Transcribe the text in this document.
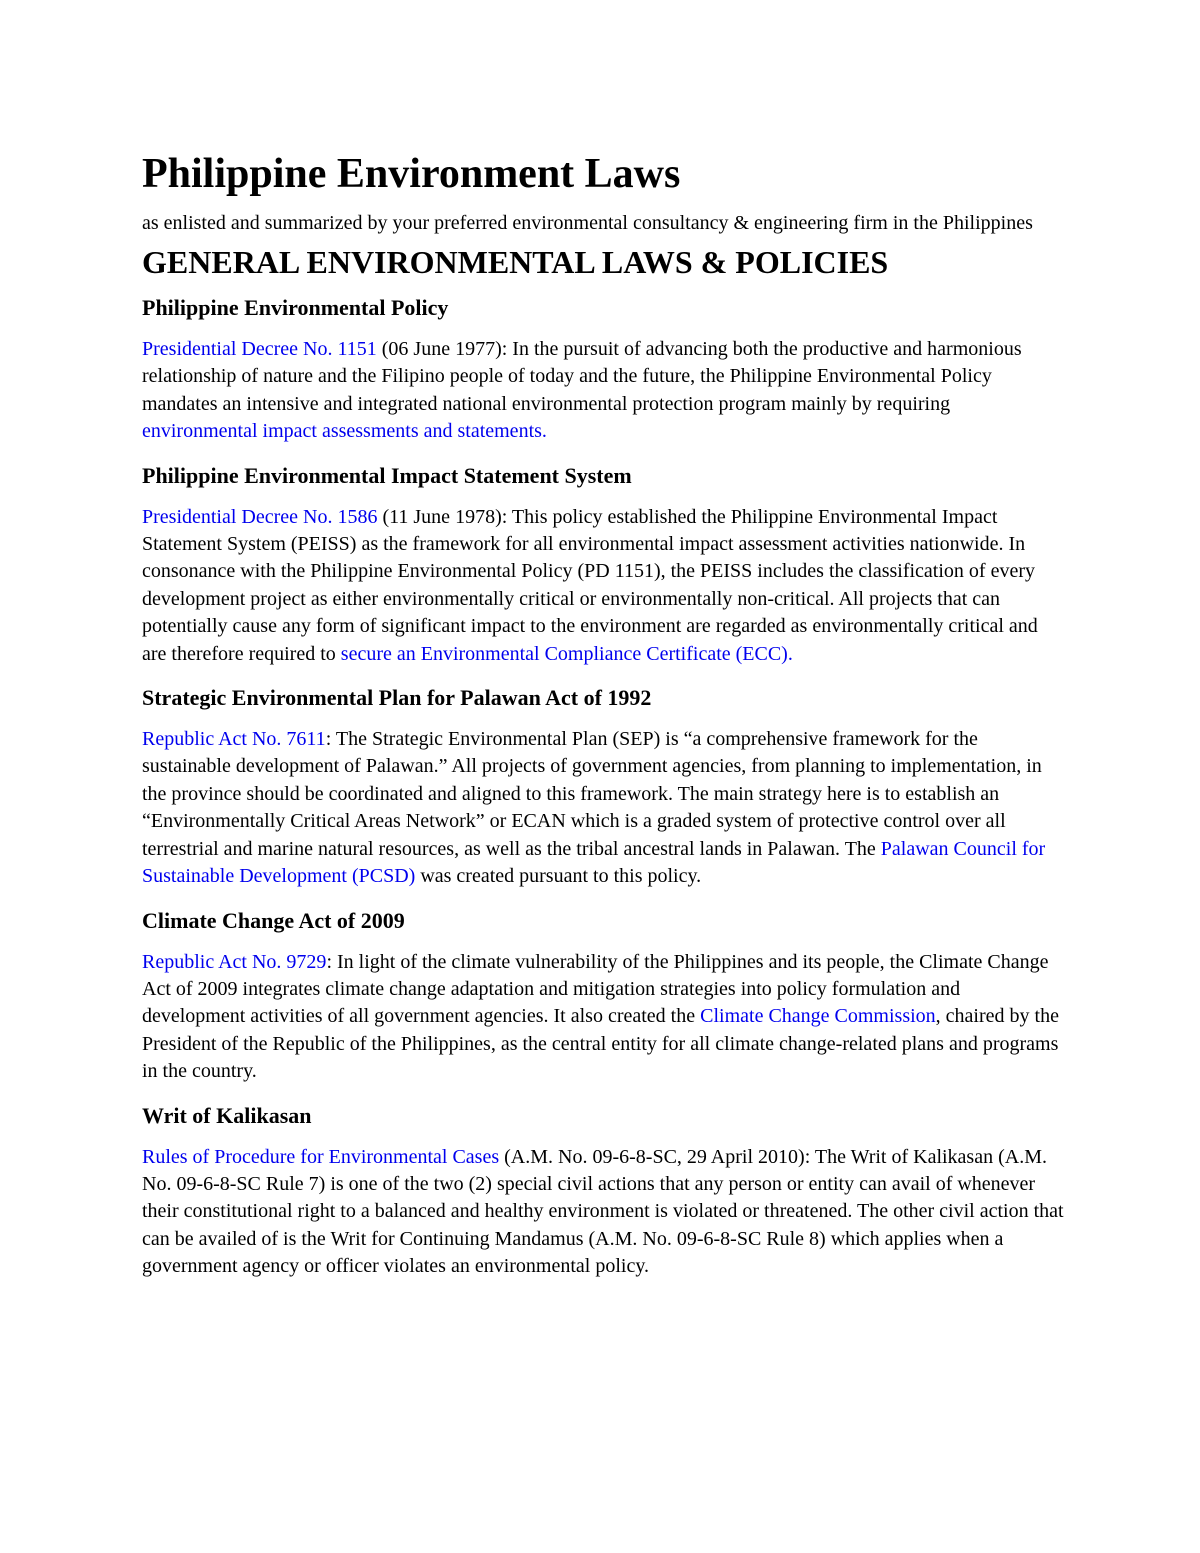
Philippine Environment Laws

as enlisted and summarized by your preferred environmental consultancy & engineering firm in the Philippines

GENERAL ENVIRONMENTAL LAWS & POLICIES
Philippine Environmental Policy

Presidential Decree No. 1151 (06 June 1977): In the pursuit of advancing both the productive and harmonious relationship of nature and the Filipino people of today and the future, the Philippine Environmental Policy mandates an intensive and integrated national environmental protection program mainly by requiring environmental impact assessments and statements.

Philippine Environmental Impact Statement System

Presidential Decree No. 1586 (11 June 1978): This policy established the Philippine Environmental Impact Statement System (PEISS) as the framework for all environmental impact assessment activities nationwide. In consonance with the Philippine Environmental Policy (PD 1151), the PEISS includes the classification of every development project as either environmentally critical or environmentally non-critical. All projects that can potentially cause any form of significant impact to the environment are regarded as environmentally critical and are therefore required to secure an Environmental Compliance Certificate (ECC).

Strategic Environmental Plan for Palawan Act of 1992

Republic Act No. 7611: The Strategic Environmental Plan (SEP) is “a comprehensive framework for the sustainable development of Palawan.” All projects of government agencies, from planning to implementation, in the province should be coordinated and aligned to this framework. The main strategy here is to establish an “Environmentally Critical Areas Network” or ECAN which is a graded system of protective control over all terrestrial and marine natural resources, as well as the tribal ancestral lands in Palawan. The Palawan Council for Sustainable Development (PCSD) was created pursuant to this policy.

Climate Change Act of 2009

Republic Act No. 9729: In light of the climate vulnerability of the Philippines and its people, the Climate Change Act of 2009 integrates climate change adaptation and mitigation strategies into policy formulation and development activities of all government agencies. It also created the Climate Change Commission, chaired by the President of the Republic of the Philippines, as the central entity for all climate change-related plans and programs in the country.

Writ of Kalikasan

Rules of Procedure for Environmental Cases (A.M. No. 09-6-8-SC, 29 April 2010): The Writ of Kalikasan (A.M. No. 09-6-8-SC Rule 7) is one of the two (2) special civil actions that any person or entity can avail of whenever their constitutional right to a balanced and healthy environment is violated or threatened. The other civil action that can be availed of is the Writ for Continuing Mandamus (A.M. No. 09-6-8-SC Rule 8) which applies when a government agency or officer violates an environmental policy.
